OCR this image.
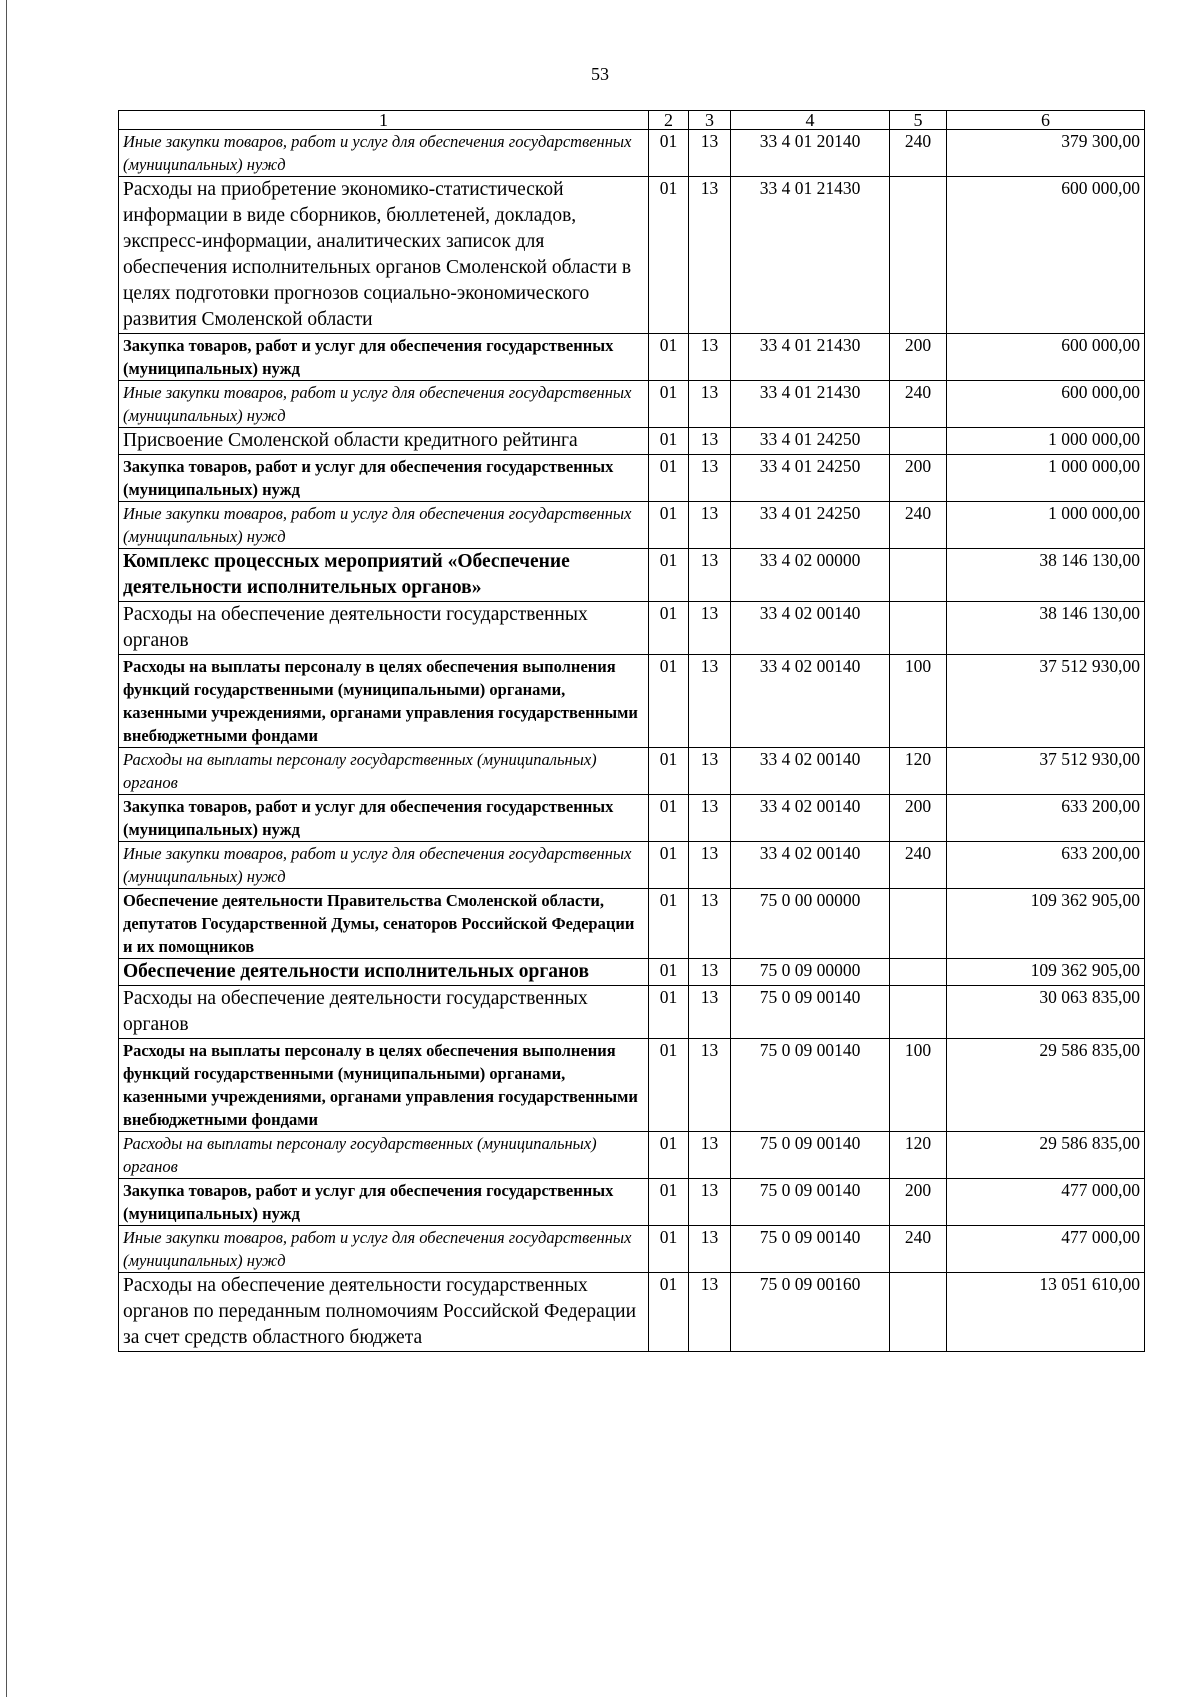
53
1	2	3	4	5	6
Иные закупки товаров, работ и услуг для обеспечения государственных (муниципальных) нужд	01	13	33 4 01 20140	240	379 300,00
Расходы на приобретение экономико-статистической информации в виде сборников, бюллетеней, докладов, экспресс-информации, аналитических записок для обеспечения исполнительных органов Смоленской области в целях подготовки прогнозов социально-экономического развития Смоленской области	01	13	33 4 01 21430		600 000,00
Закупка товаров, работ и услуг для обеспечения государственных (муниципальных) нужд	01	13	33 4 01 21430	200	600 000,00
Иные закупки товаров, работ и услуг для обеспечения государственных (муниципальных) нужд	01	13	33 4 01 21430	240	600 000,00
Присвоение Смоленской области кредитного рейтинга	01	13	33 4 01 24250		1 000 000,00
Закупка товаров, работ и услуг для обеспечения государственных (муниципальных) нужд	01	13	33 4 01 24250	200	1 000 000,00
Иные закупки товаров, работ и услуг для обеспечения государственных (муниципальных) нужд	01	13	33 4 01 24250	240	1 000 000,00
Комплекс процессных мероприятий «Обеспечение деятельности исполнительных органов»	01	13	33 4 02 00000		38 146 130,00
Расходы на обеспечение деятельности государственных органов	01	13	33 4 02 00140		38 146 130,00
Расходы на выплаты персоналу в целях обеспечения выполнения функций государственными (муниципальными) органами, казенными учреждениями, органами управления государственными внебюджетными фондами	01	13	33 4 02 00140	100	37 512 930,00
Расходы на выплаты персоналу государственных (муниципальных) органов	01	13	33 4 02 00140	120	37 512 930,00
Закупка товаров, работ и услуг для обеспечения государственных (муниципальных) нужд	01	13	33 4 02 00140	200	633 200,00
Иные закупки товаров, работ и услуг для обеспечения государственных (муниципальных) нужд	01	13	33 4 02 00140	240	633 200,00
Обеспечение деятельности Правительства Смоленской области, депутатов Государственной Думы, сенаторов Российской Федерации и их помощников	01	13	75 0 00 00000		109 362 905,00
Обеспечение деятельности исполнительных органов	01	13	75 0 09 00000		109 362 905,00
Расходы на обеспечение деятельности государственных органов	01	13	75 0 09 00140		30 063 835,00
Расходы на выплаты персоналу в целях обеспечения выполнения функций государственными (муниципальными) органами, казенными учреждениями, органами управления государственными внебюджетными фондами	01	13	75 0 09 00140	100	29 586 835,00
Расходы на выплаты персоналу государственных (муниципальных) органов	01	13	75 0 09 00140	120	29 586 835,00
Закупка товаров, работ и услуг для обеспечения государственных (муниципальных) нужд	01	13	75 0 09 00140	200	477 000,00
Иные закупки товаров, работ и услуг для обеспечения государственных (муниципальных) нужд	01	13	75 0 09 00140	240	477 000,00
Расходы на обеспечение деятельности государственных органов по переданным полномочиям Российской Федерации за счет средств областного бюджета	01	13	75 0 09 00160		13 051 610,00
